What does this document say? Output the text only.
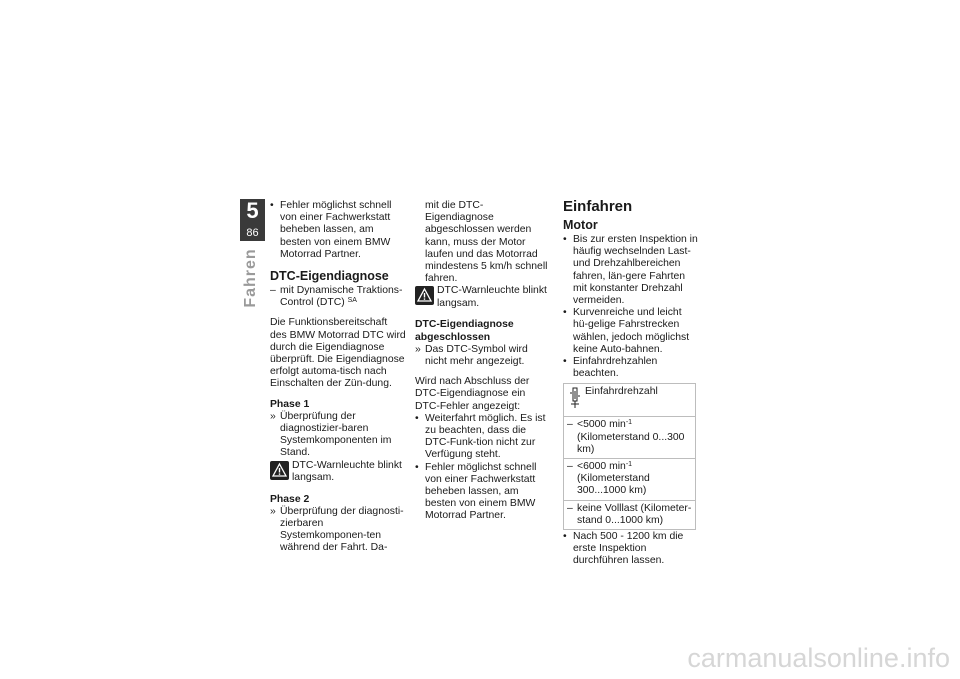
5
86
Fahren
• Fehler möglichst schnell von einer Fachwerkstatt beheben lassen, am besten von einem BMW Motorrad Partner.
DTC-Eigendiagnose
– mit Dynamische Traktions-Control (DTC) $^{SA}$

Die Funktionsbereitschaft des BMW Motorrad DTC wird durch die Eigendiagnose überprüft. Die Eigendiagnose erfolgt automa-tisch nach Einschalten der Zün-dung.

Phase 1
» Überprüfung der diagnostizier-baren Systemkomponenten im Stand.
DTC-Warnleuchte blinkt langsam.
Phase 2
» Überprüfung der diagnosti-zierbaren Systemkomponen-ten während der Fahrt. Da-
mit die DTC-Eigendiagnose abgeschlossen werden kann, muss der Motor laufen und das Motorrad mindestens 5 km/h schnell fahren.
DTC-Warnleuchte blinkt langsam.
DTC-Eigendiagnose abgeschlossen
» Das DTC-Symbol wird nicht mehr angezeigt.

Wird nach Abschluss der DTC-Eigendiagnose ein DTC-Fehler angezeigt:

• Weiterfahrt möglich. Es ist zu beachten, dass die DTC-Funk-tion nicht zur Verfügung steht.
• Fehler möglichst schnell von einer Fachwerkstatt beheben lassen, am besten von einem BMW Motorrad Partner.
Einfahren
Motor
• Bis zur ersten Inspektion in häufig wechselnden Last- und Drehzahlbereichen fahren, län-gere Fahrten mit konstanter Drehzahl vermeiden.
• Kurvenreiche und leicht hü-gelige Fahrstrecken wählen, jedoch möglichst keine Auto-bahnen.
• Einfahrdrehzahlen beachten.
Einfahrdrehzahl

– <5000 $\min^{-1}$ (Kilometerstand 0...300 km)

– <6000 $\min^{-1}$ (Kilometerstand 300...1000 km)

– keine Volllast (Kilometer-stand 0...1000 km)
• Nach 500 - 1200 km die erste Inspektion durchführen lassen.
carmanualsonline.info
